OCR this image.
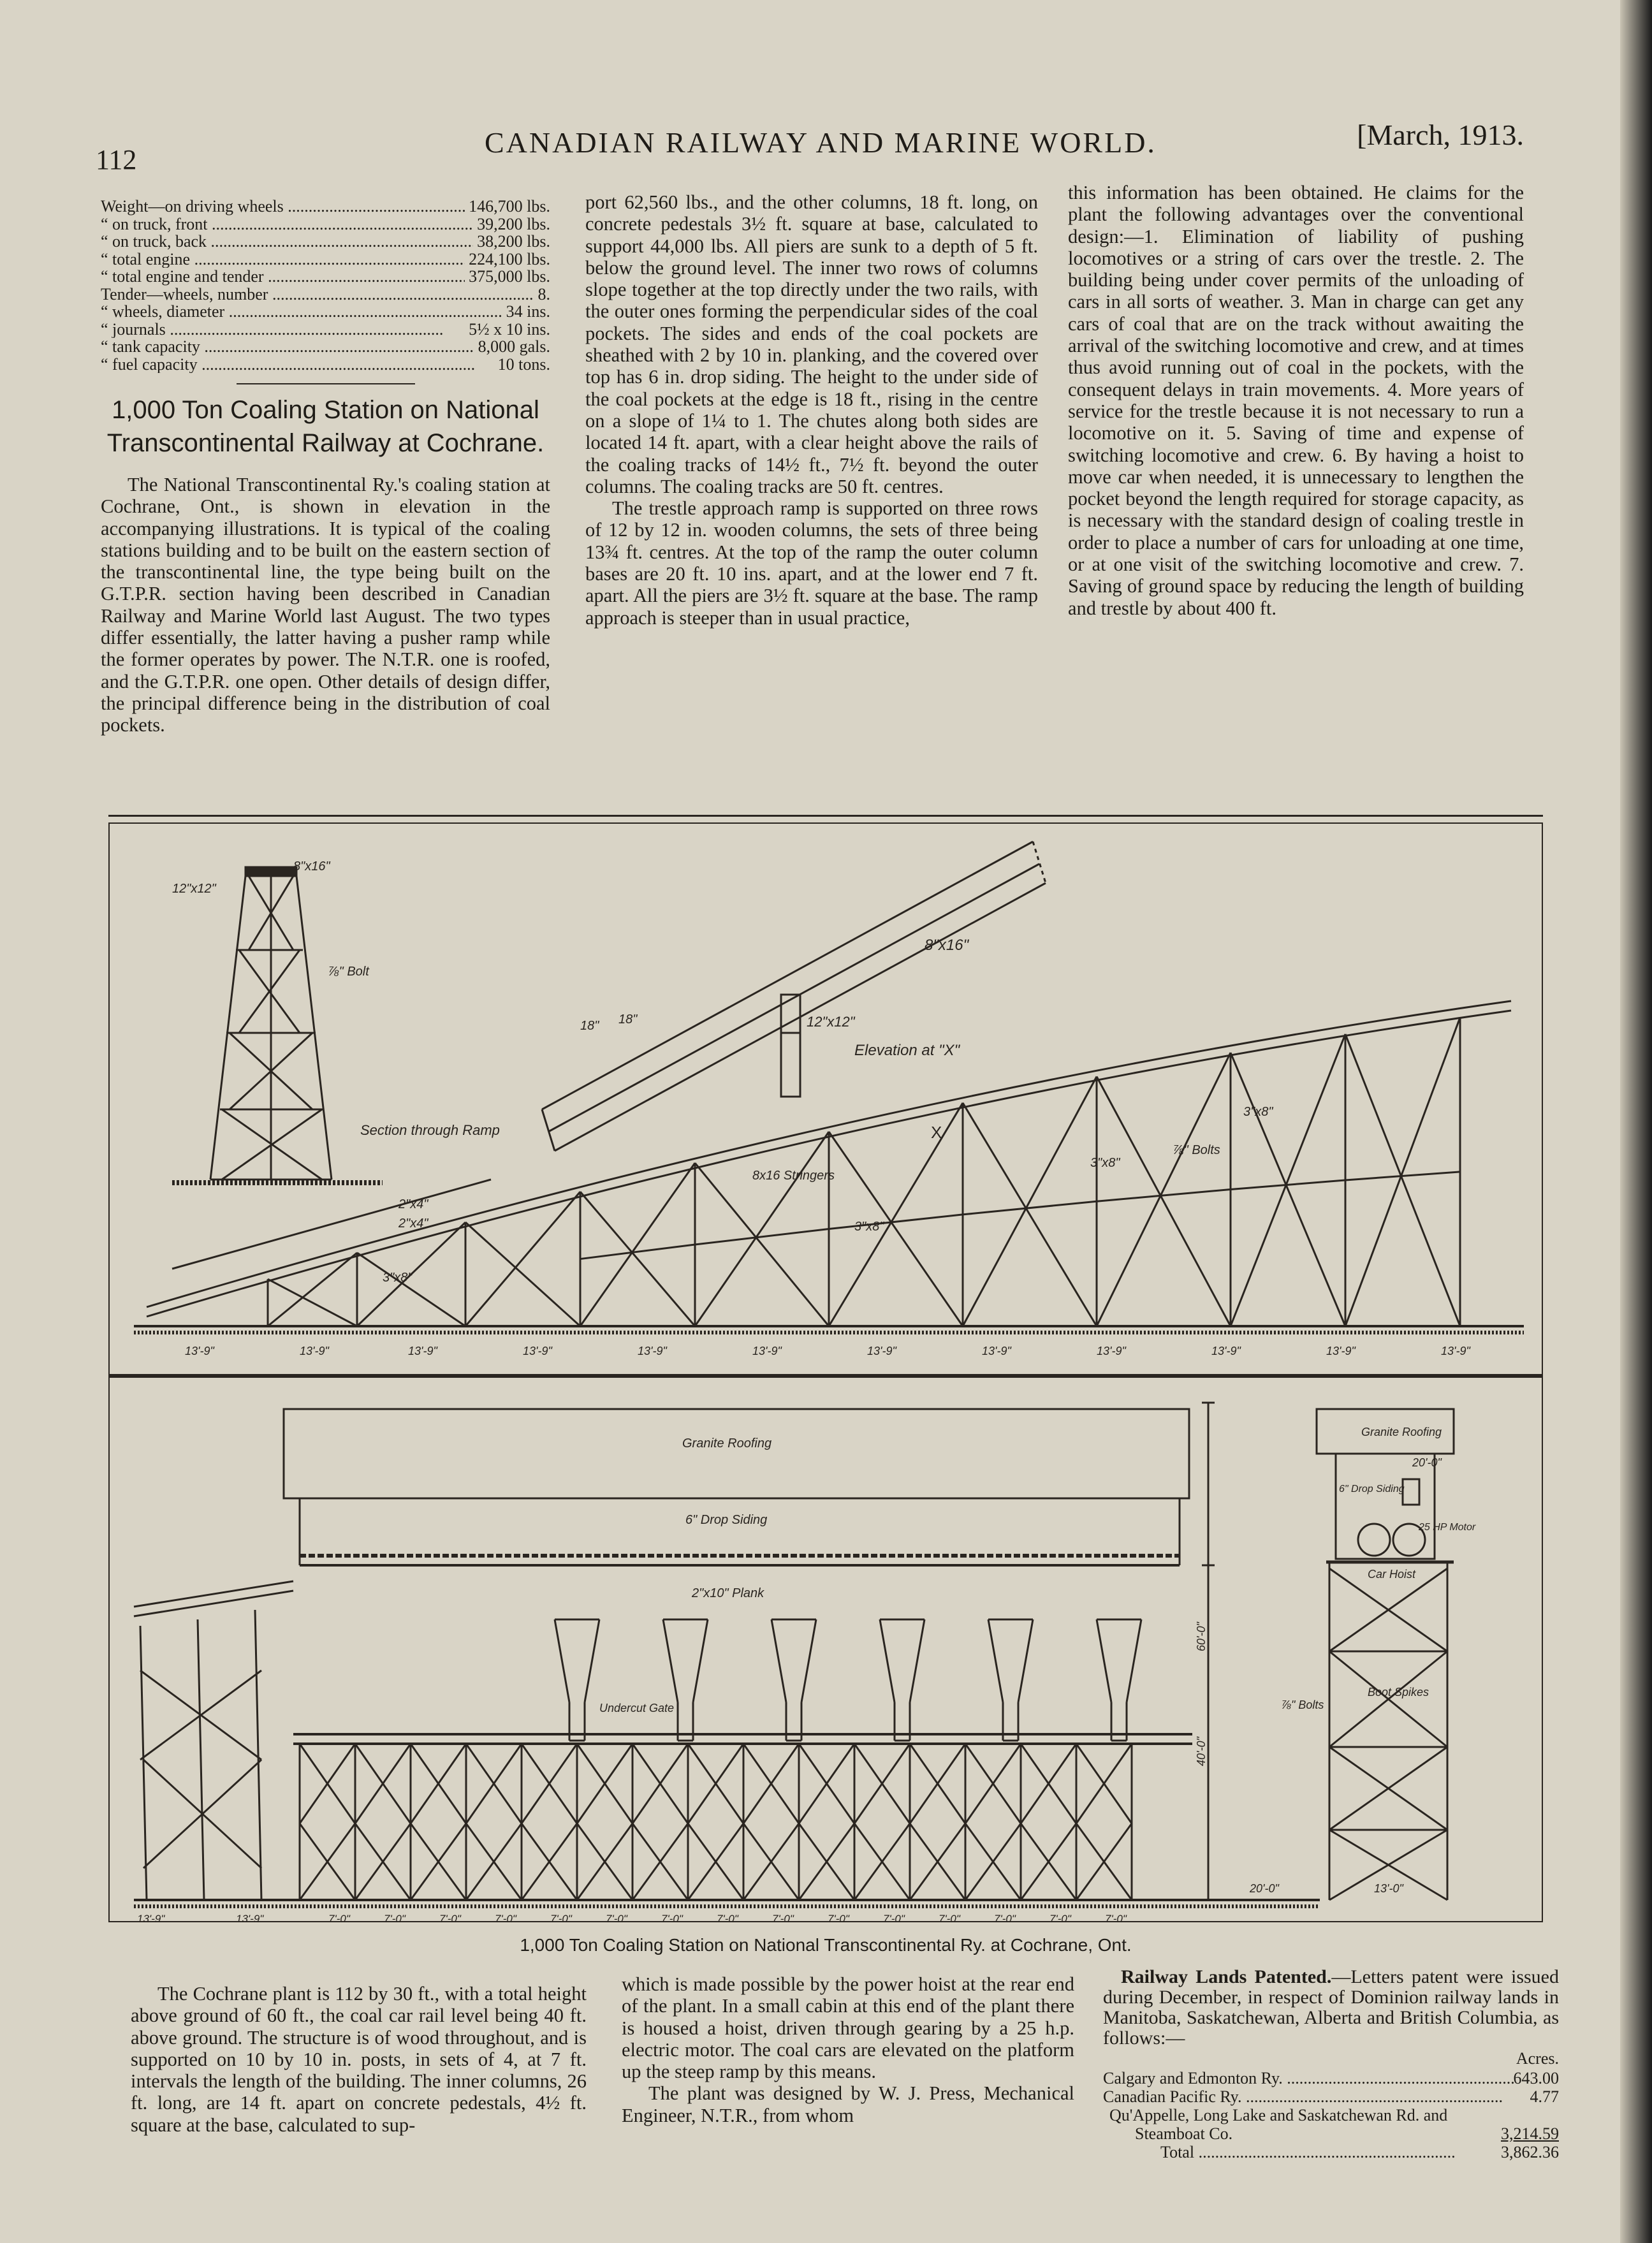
112
CANADIAN RAILWAY AND MARINE WORLD.	[March, 1913.
Weight—on driving wheels .....	146,700 lbs.
“ on truck, front .....	39,200 lbs.
“ on truck, back .....	38,200 lbs.
“ total engine .....	224,100 lbs.
“ total engine and tender .....	375,000 lbs.
Tender—wheels, number .....	8.
“ wheels, diameter .....	34 ins.
“ journals .....	5½ x 10 ins.
“ tank capacity .....	8,000 gals.
“ fuel capacity .....	10 tons.
1,000 Ton Coaling Station on National Transcontinental Railway at Cochrane.

The National Transcontinental Ry.'s coaling station at Cochrane, Ont., is shown in elevation in the accompanying illustrations. It is typical of the coaling stations building and to be built on the eastern section of the transcontinental line, the type being built on the G.T.P.R. section having been described in Canadian Railway and Marine World last August. The two types differ essentially, the latter having a pusher ramp while the former operates by power. The N.T.R. one is roofed, and the G.T.P.R. one open. Other details of design differ, the principal difference being in the distribution of coal pockets.

port 62,560 lbs., and the other columns, 18 ft. long, on concrete pedestals 3½ ft. square at base, calculated to support 44,000 lbs. All piers are sunk to a depth of 5 ft. below the ground level. The inner two rows of columns slope together at the top directly under the two rails, with the outer ones forming the perpendicular sides of the coal pockets. The sides and ends of the coal pockets are sheathed with 2 by 10 in. planking, and the covered over top has 6 in. drop siding. The height to the under side of the coal pockets at the edge is 18 ft., rising in the centre on a slope of 1¼ to 1. The chutes along both sides are located 14 ft. apart, with a clear height above the rails of the coaling tracks of 14½ ft., 7½ ft. beyond the outer columns. The coaling tracks are 50 ft. centres.

The trestle approach ramp is supported on three rows of 12 by 12 in. wooden columns, the sets of three being 13¾ ft. centres. At the top of the ramp the outer column bases are 20 ft. 10 ins. apart, and at the lower end 7 ft. apart. All the piers are 3½ ft. square at the base. The ramp approach is steeper than in usual practice,

this information has been obtained. He claims for the plant the following advantages over the conventional design:—1. Elimination of liability of pushing locomotives or a string of cars over the trestle. 2. The building being under cover permits of the unloading of cars in all sorts of weather. 3. Man in charge can get any cars of coal that are on the track without awaiting the arrival of the switching locomotive and crew, and at times thus avoid running out of coal in the pockets, with the consequent delays in train movements. 4. More years of service for the trestle because it is not necessary to run a locomotive on it. 5. Saving of time and expense of switching locomotive and crew. 6. By having a hoist to move car when needed, it is unnecessary to lengthen the pocket beyond the length required for storage capacity, as is necessary with the standard design of coaling trestle in order to place a number of cars for unloading at one time, or at one visit of the switching locomotive and crew. 7. Saving of ground space by reducing the length of building and trestle by about 400 ft.

12"x12"
8"x16"
⅞" Bolt
Section through Ramp
12"x12"
Elevation at "X"
8"x16"
18" 18"
8x16 Stringers
X
⅞" Bolts
3"x8"
3"x8"
3"x8"
3"x8"
2"x4"
2"x4"
13'-9"	13'-9"	13'-9"	13'-9"	13'-9"	13'-9"	13'-9"	13'-9"	13'-9"	13'-9"	13'-9"	13'-9"
13'-9"	13'-9"	7'-0"	7'-0"	7'-0"	7'-0"	7'-0"	7'-0"	7'-0"	7'-0"	7'-0"	7'-0"	7'-0"	7'-0"	7'-0"	7'-0"	7'-0"
Granite Roofing
6" Drop Siding
2"x10" Plank
Undercut Gate
Granite Roofing
6" Drop Siding
25 HP Motor
Car Hoist
Boot Spikes
⅞" Bolts
20'-0"
60'-0"
40'-0"
20'-0"	13'-0"
1,000 Ton Coaling Station on National Transcontinental Ry. at Cochrane, Ont.

The Cochrane plant is 112 by 30 ft., with a total height above ground of 60 ft., the coal car rail level being 40 ft. above ground. The structure is of wood throughout, and is supported on 10 by 10 in. posts, in sets of 4, at 7 ft. intervals the length of the building. The inner columns, 26 ft. long, are 14 ft. apart on concrete pedestals, 4½ ft. square at the base, calculated to sup-

which is made possible by the power hoist at the rear end of the plant. In a small cabin at this end of the plant there is housed a hoist, driven through gearing by a 25 h.p. electric motor. The coal cars are elevated on the platform up the steep ramp by this means.

The plant was designed by W. J. Press, Mechanical Engineer, N.T.R., from whom

Railway Lands Patented.—Letters patent were issued during December, in respect of Dominion railway lands in Manitoba, Saskatchewan, Alberta and British Columbia, as follows:—
Acres.
Calgary and Edmonton Ry. .....	643.00
Canadian Pacific Ry. .....	4.77
Qu'Appelle, Long Lake and Saskatchewan Rd. and Steamboat Co.	3,214.59
Total .....	3,862.36
